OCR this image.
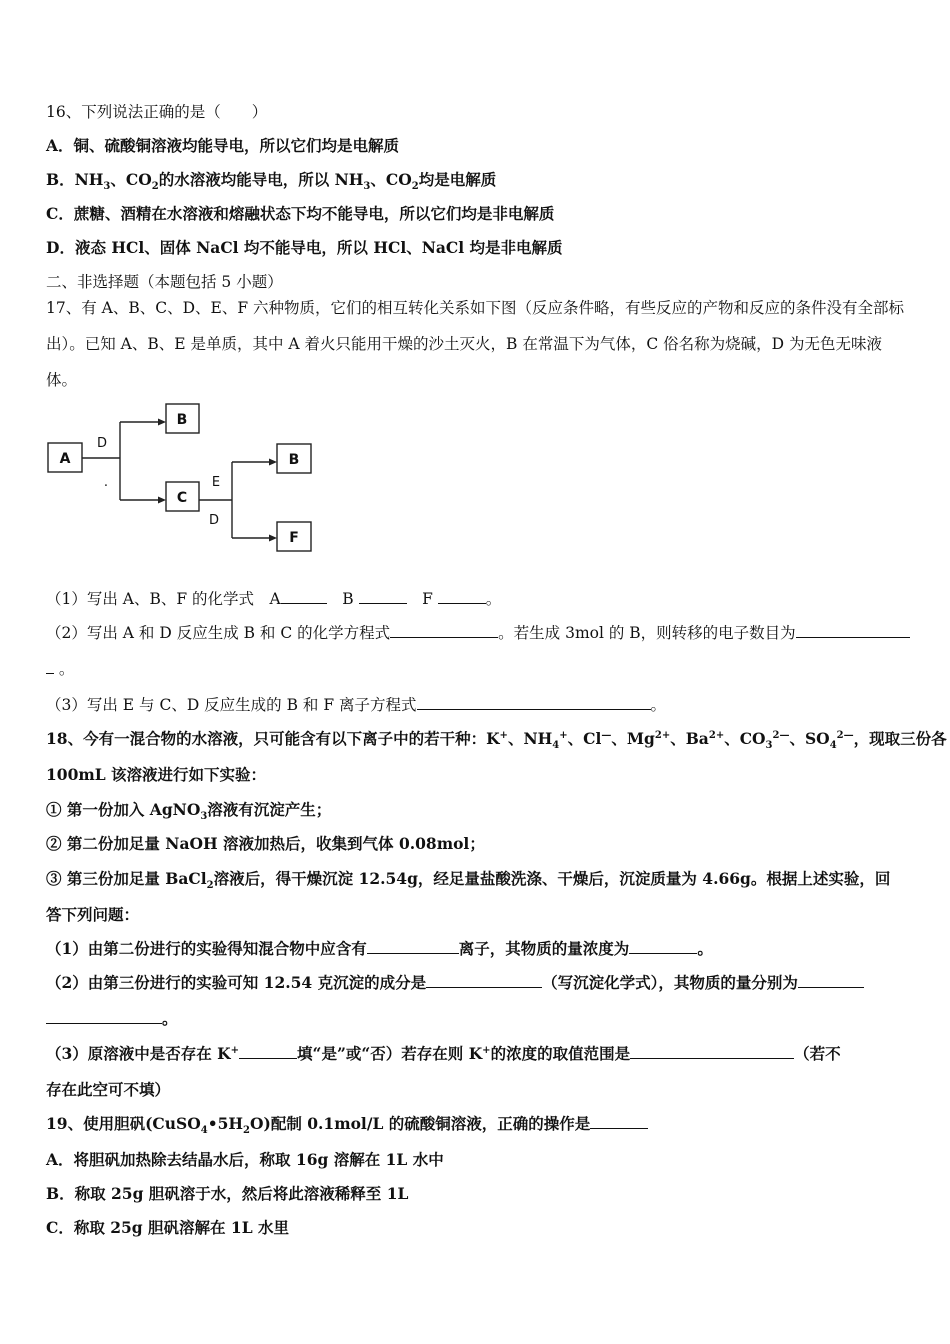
16、下列说法正确的是（　　）
A．铜、硫酸铜溶液均能导电，所以它们均是电解质
B．$NH_3$、$CO_2$的水溶液均能导电，所以 $NH_3$、$CO_2$均是电解质
C．蔗糖、酒精在水溶液和熔融状态下均不能导电，所以它们均是非电解质
D．液态 HCl、固体 NaCl 均不能导电，所以 HCl、NaCl 均是非电解质
二、非选择题（本题包括 5 小题）
17、有 A、B、C、D、E、F 六种物质，它们的相互转化关系如下图（反应条件略，有些反应的产物和反应的条件没有全部标
出）。已知 A、B、E 是单质，其中 A 着火只能用干燥的沙土灭火，B 在常温下为气体，C 俗名称为烧碱，D 为无色无味液
体。
A
B
C
B
F
D
E
D
.
（1）写出 A、B、F 的化学式　A	　B	　F	。
（2）写出 A 和 D 反应生成 B 和 C 的化学方程式	。若生成 3mol 的 B，则转移的电子数目为
。
（3）写出 E 与 C、D 反应生成的 B 和 F 离子方程式	。
18、今有一混合物的水溶液，只可能含有以下离子中的若干种：K+、$NH_4^+$、Cl—、$Mg^{2+}$、$Ba^{2+}$、$CO_3^{2—}$、$SO_4^{2—}$，现取三份各
100mL 该溶液进行如下实验：
① 第一份加入 AgNO$_3$溶液有沉淀产生；
② 第二份加足量 NaOH 溶液加热后，收集到气体 0.08mol；
③ 第三份加足量 BaCl$_2$溶液后，得干燥沉淀 12.54g，经足量盐酸洗涤、干燥后，沉淀质量为 4.66g。根据上述实验，回
答下列问题：
（1）由第二份进行的实验得知混合物中应含有	离子，其物质的量浓度为	。
（2）由第三份进行的实验可知 12.54 克沉淀的成分是	（写沉淀化学式），其物质的量分别为
。
（3）原溶液中是否存在 K+	填“是”或“否）若存在则 K+的浓度的取值范围是	（若不
存在此空可不填）
19、使用胆矾$(CuSO_4•5H_2O)$配制 0.1mol/L 的硫酸铜溶液，正确的操作是
A．将胆矾加热除去结晶水后，称取 16g 溶解在 1L 水中
B．称取 25g 胆矾溶于水，然后将此溶液稀释至 1L
C．称取 25g 胆矾溶解在 1L 水里
